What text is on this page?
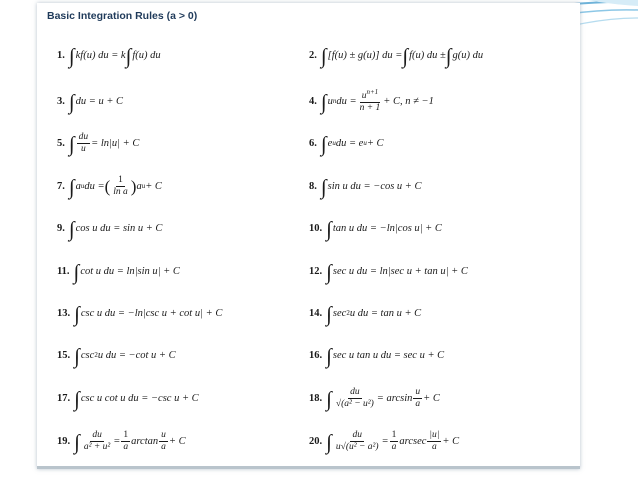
Basic Integration Rules (a > 0)
1. ∫ kf(u) du = k ∫ f(u) du	2. ∫ [f(u) ± g(u)] du = ∫ f(u) du ± ∫ g(u) du
3. ∫ du = u + C	4. ∫ u n du = $\frac{u^{n+1}}{n + 1} + C$, n ≠ −1
5. ∫ $\frac{du}{u} = \ln|u| + C$	6. ∫ e u du = e u + C
7. ∫ a u du = ( $\frac{1}{\text{ln a}}$ ) a u + C	8. ∫ sin u du = −cos u + C
9. ∫ cos u du = sin u + C	10. ∫ tan u du = −ln|cos u| + C
11. ∫ cot u du = ln|sin u| + C	12. ∫ sec u du = ln|sec u + tan u| + C
13. ∫ csc u du = −ln|csc u + cot u| + C	14. ∫ sec 2 u du = tan u + C
15. ∫ csc 2 u du = −cot u + C	16. ∫ sec u tan u du = sec u + C
17. ∫ csc u cot u du = −csc u + C	18. ∫ $\frac{du}{\text{√(a² − u²)}} = \arcsin \frac{u}{a} + C$
19. ∫ $\frac{du}{\text{a² + u²}} = \frac{1}{a}$ $\arctan \frac{u}{a} + C$	20. ∫ $\frac{du}{\text{u√(u² − a²)}} = \frac{1}{a}$ arcsec $\frac{|u|}{a} + C$
